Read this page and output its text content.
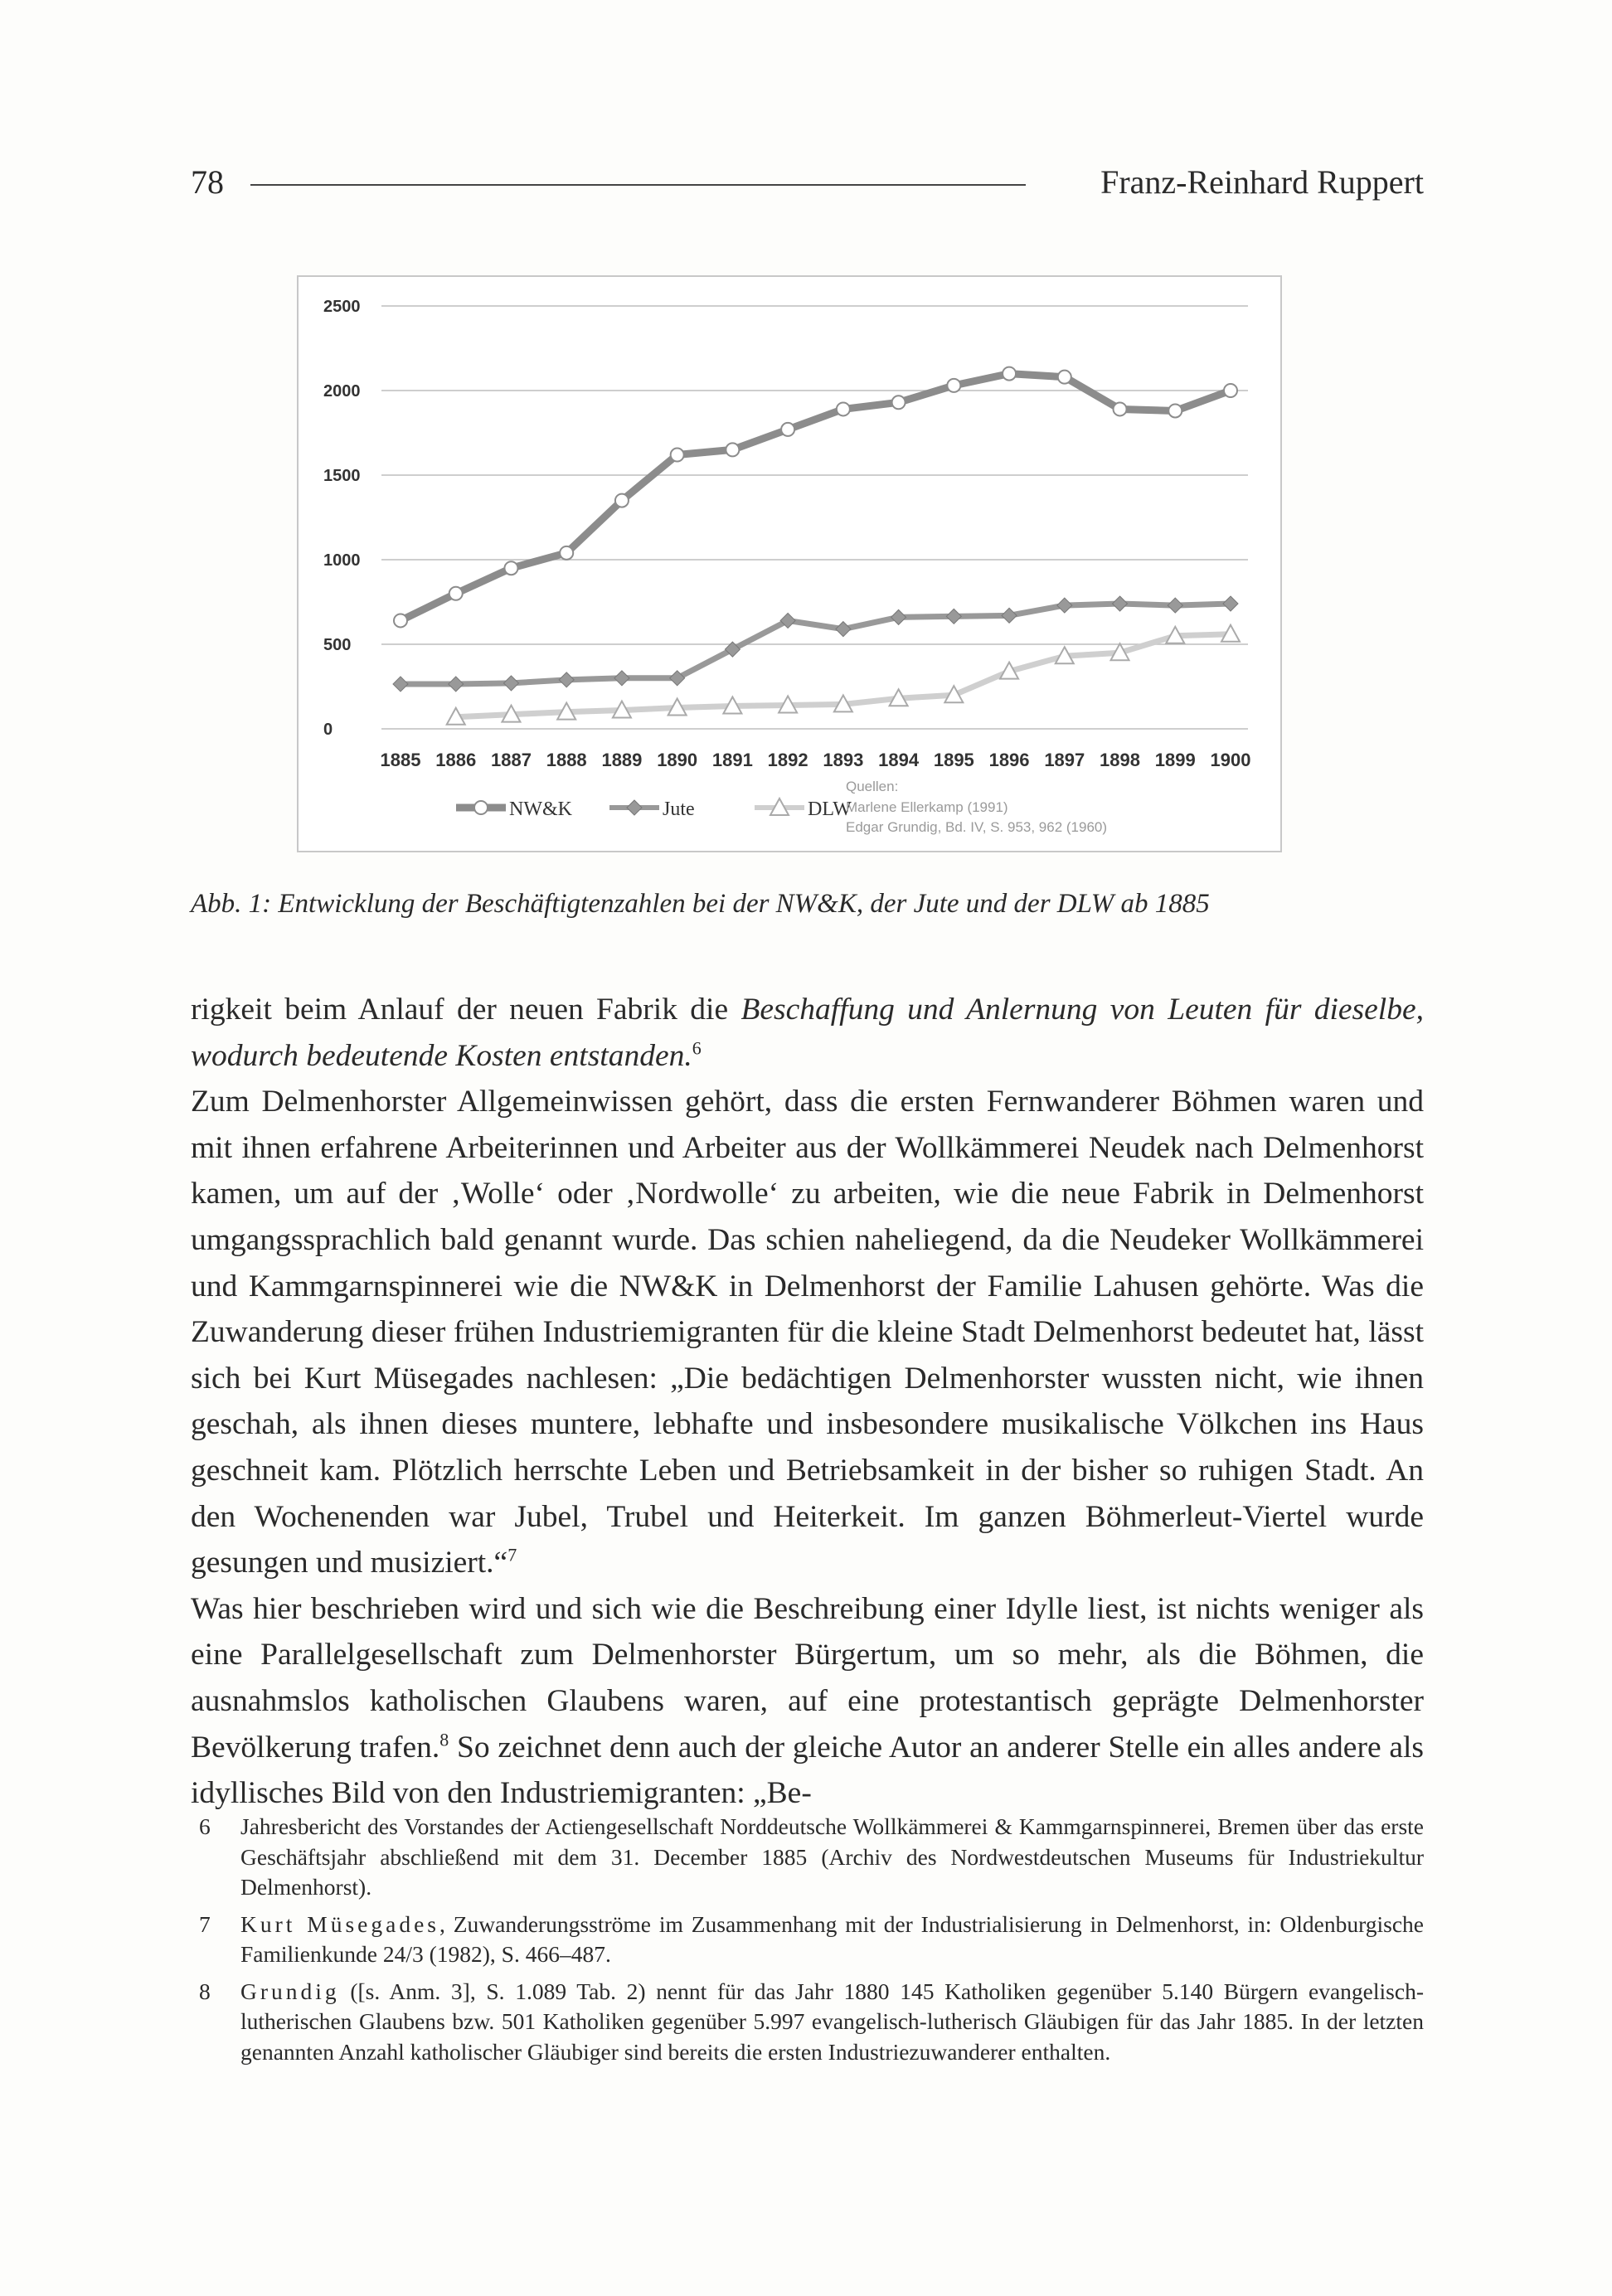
78	Franz-Reinhard Ruppert
2500
2000
1500
1000
500
0
1885 1886 1887 1888 1889 1890 1891 1892 1893 1894 1895 1896 1897 1898 1899 1900
NW&K	Jute	DLW
Quellen:
Marlene Ellerkamp (1991)
Edgar Grundig, Bd. IV, S. 953, 962 (1960)

Abb. 1: Entwicklung der Beschäftigtenzahlen bei der NW&K, der Jute und der DLW ab 1885

rigkeit beim Anlauf der neuen Fabrik die Beschaffung und Anlernung von Leuten für dieselbe, wodurch bedeutende Kosten entstanden.$^6$

Zum Delmenhorster Allgemeinwissen gehört, dass die ersten Fernwanderer Böhmen waren und mit ihnen erfahrene Arbeiterinnen und Arbeiter aus der Wollkämmerei Neudek nach Delmenhorst kamen, um auf der ‚Wolle‘ oder ‚Nordwolle‘ zu arbeiten, wie die neue Fabrik in Delmenhorst umgangssprachlich bald genannt wurde. Das schien naheliegend, da die Neudeker Wollkämmerei und Kammgarnspinnerei wie die NW&K in Delmenhorst der Familie Lahusen gehörte. Was die Zuwanderung dieser frühen Industriemigranten für die kleine Stadt Delmenhorst bedeutet hat, lässt sich bei Kurt Müsegades nachlesen: „Die bedächtigen Delmenhorster wussten nicht, wie ihnen geschah, als ihnen dieses muntere, lebhafte und insbesondere musikalische Völkchen ins Haus geschneit kam. Plötzlich herrschte Leben und Betriebsamkeit in der bisher so ruhigen Stadt. An den Wochenenden war Jubel, Trubel und Heiterkeit. Im ganzen Böhmerleut-Viertel wurde gesungen und musiziert.“$^7$

Was hier beschrieben wird und sich wie die Beschreibung einer Idylle liest, ist nichts weniger als eine Parallelgesellschaft zum Delmenhorster Bürgertum, um so mehr, als die Böhmen, die ausnahmslos katholischen Glaubens waren, auf eine protestantisch geprägte Delmenhorster Bevölkerung trafen.$^8$ So zeichnet denn auch der gleiche Autor an anderer Stelle ein alles andere als idyllisches Bild von den Industriemigranten: „Be-

6 Jahresbericht des Vorstandes der Actiengesellschaft Norddeutsche Wollkämmerei & Kammgarnspinnerei, Bremen über das erste Geschäftsjahr abschließend mit dem 31. December 1885 (Archiv des Nordwestdeutschen Museums für Industriekultur Delmenhorst).
7 Kurt Müsegades, Zuwanderungsströme im Zusammenhang mit der Industrialisierung in Delmenhorst, in: Oldenburgische Familienkunde 24/3 (1982), S. 466–487.
8 Grundig ([s. Anm. 3], S. 1.089 Tab. 2) nennt für das Jahr 1880 145 Katholiken gegenüber 5.140 Bürgern evangelisch-lutherischen Glaubens bzw. 501 Katholiken gegenüber 5.997 evangelisch-lutherisch Gläubigen für das Jahr 1885. In der letzten genannten Anzahl katholischer Gläubiger sind bereits die ersten Industriezuwanderer enthalten.
